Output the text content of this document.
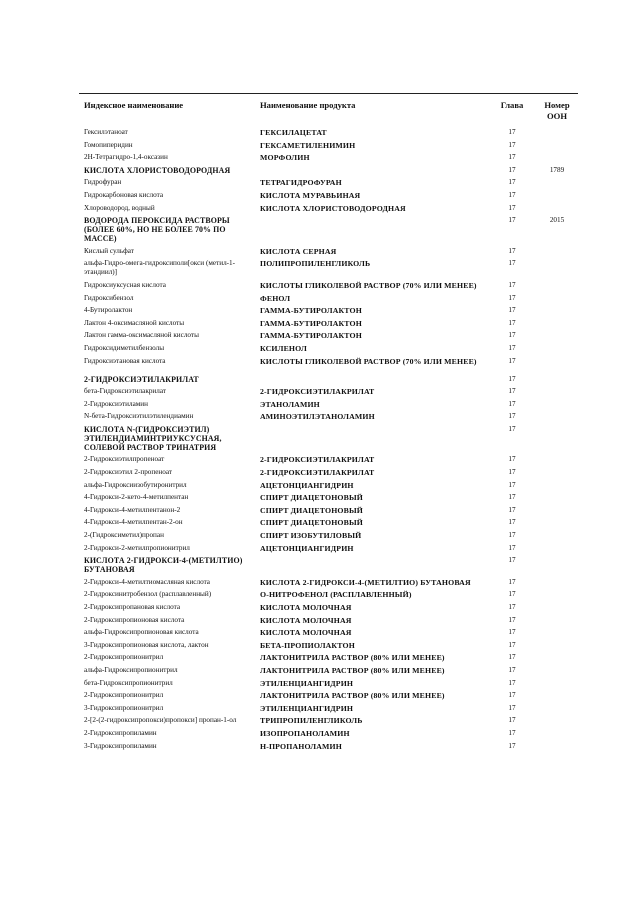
Индексное наименование	Наименование продукта	Глава	Номер ООН
Гексилэтаноат	ГЕКСИЛАЦЕТАТ	17	
Гомопиперидин	ГЕКСАМЕТИЛЕНИМИН	17	
2Н-Тетрагидро-1,4-оксазин	МОРФОЛИН	17	
КИСЛОТА ХЛОРИСТОВОДОРОДНАЯ		17	1789
Гидрофуран	ТЕТРАГИДРОФУРАН	17	
Гидрокарбоновая кислота	КИСЛОТА МУРАВЬИНАЯ	17	
Хлороводород, водный	КИСЛОТА ХЛОРИСТОВОДОРОДНАЯ	17	
ВОДОРОДА ПЕРОКСИДА РАСТВОРЫ (БОЛЕЕ 60%, НО НЕ БОЛЕЕ 70% ПО МАССЕ)		17	2015
Кислый сульфат	КИСЛОТА СЕРНАЯ	17	
альфа-Гидро-омега-гидроксиполи[окси (метил-1-этандиил)]	ПОЛИПРОПИЛЕНГЛИКОЛЬ	17	
Гидроксиуксусная кислота	КИСЛОТЫ ГЛИКОЛЕВОЙ РАСТВОР (70% ИЛИ МЕНЕЕ)	17	
Гидроксибензол	ФЕНОЛ	17	
4-Бутиролактон	ГАММА-БУТИРОЛАКТОН	17	
Лактон 4-оксимасляной кислоты	ГАММА-БУТИРОЛАКТОН	17	
Лактон гамма-оксимасляной кислоты	ГАММА-БУТИРОЛАКТОН	17	
Гидроксидиметилбензолы	КСИЛЕНОЛ	17	
Гидроксиэтановая кислота	КИСЛОТЫ ГЛИКОЛЕВОЙ РАСТВОР (70% ИЛИ МЕНЕЕ)	17	
2-ГИДРОКСИЭТИЛАКРИЛАТ		17	
бета-Гидроксиэтилакрилат	2-ГИДРОКСИЭТИЛАКРИЛАТ	17	
2-Гидроксиэтиламин	ЭТАНОЛАМИН	17	
N-бета-Гидроксиэтилэтилендиамин	АМИНОЭТИЛЭТАНОЛАМИН	17	
КИСЛОТА N-(ГИДРОКСИЭТИЛ) ЭТИЛЕНДИАМИНТРИУКСУСНАЯ, СОЛЕВОЙ РАСТВОР ТРИНАТРИЯ		17	
2-Гидроксиэтилпропеноат	2-ГИДРОКСИЭТИЛАКРИЛАТ	17	
2-Гидроксиэтил 2-пропеноат	2-ГИДРОКСИЭТИЛАКРИЛАТ	17	
альфа-Гидроксиизобутиронитрил	АЦЕТОНЦИАНГИДРИН	17	
4-Гидрокси-2-кето-4-метилпентан	СПИРТ ДИАЦЕТОНОВЫЙ	17	
4-Гидрокси-4-метилпентанон-2	СПИРТ ДИАЦЕТОНОВЫЙ	17	
4-Гидрокси-4-метилпентан-2-он	СПИРТ ДИАЦЕТОНОВЫЙ	17	
2-(Гидроксиметил)пропан	СПИРТ ИЗОБУТИЛОВЫЙ	17	
2-Гидрокси-2-метилпропионитрил	АЦЕТОНЦИАНГИДРИН	17	
КИСЛОТА 2-ГИДРОКСИ-4-(МЕТИЛТИО) БУТАНОВАЯ		17	
2-Гидрокси-4-метилтиомасляная кислота	КИСЛОТА 2-ГИДРОКСИ-4-(МЕТИЛТИО) БУТАНОВАЯ	17	
2-Гидроксинитробензол (расплавленный)	О-НИТРОФЕНОЛ (РАСПЛАВЛЕННЫЙ)	17	
2-Гидроксипропановая кислота	КИСЛОТА МОЛОЧНАЯ	17	
2-Гидроксипропионовая кислота	КИСЛОТА МОЛОЧНАЯ	17	
альфа-Гидроксипропионовая кислота	КИСЛОТА МОЛОЧНАЯ	17	
3-Гидроксипропионовая кислота, лактон	БЕТА-ПРОПИОЛАКТОН	17	
2-Гидроксипропионитрил	ЛАКТОНИТРИЛА РАСТВОР (80% ИЛИ МЕНЕЕ)	17	
альфа-Гидроксипропионитрил	ЛАКТОНИТРИЛА РАСТВОР (80% ИЛИ МЕНЕЕ)	17	
бета-Гидроксипропионитрил	ЭТИЛЕНЦИАНГИДРИН	17	
2-Гидроксипропионитрил	ЛАКТОНИТРИЛА РАСТВОР (80% ИЛИ МЕНЕЕ)	17	
3-Гидроксипропионитрил	ЭТИЛЕНЦИАНГИДРИН	17	
2-[2-(2-гидроксипропокси)пропокси] пропан-1-ол	ТРИПРОПИЛЕНГЛИКОЛЬ	17	
2-Гидроксипропиламин	ИЗОПРОПАНОЛАМИН	17	
3-Гидроксипропиламин	Н-ПРОПАНОЛАМИН	17	
